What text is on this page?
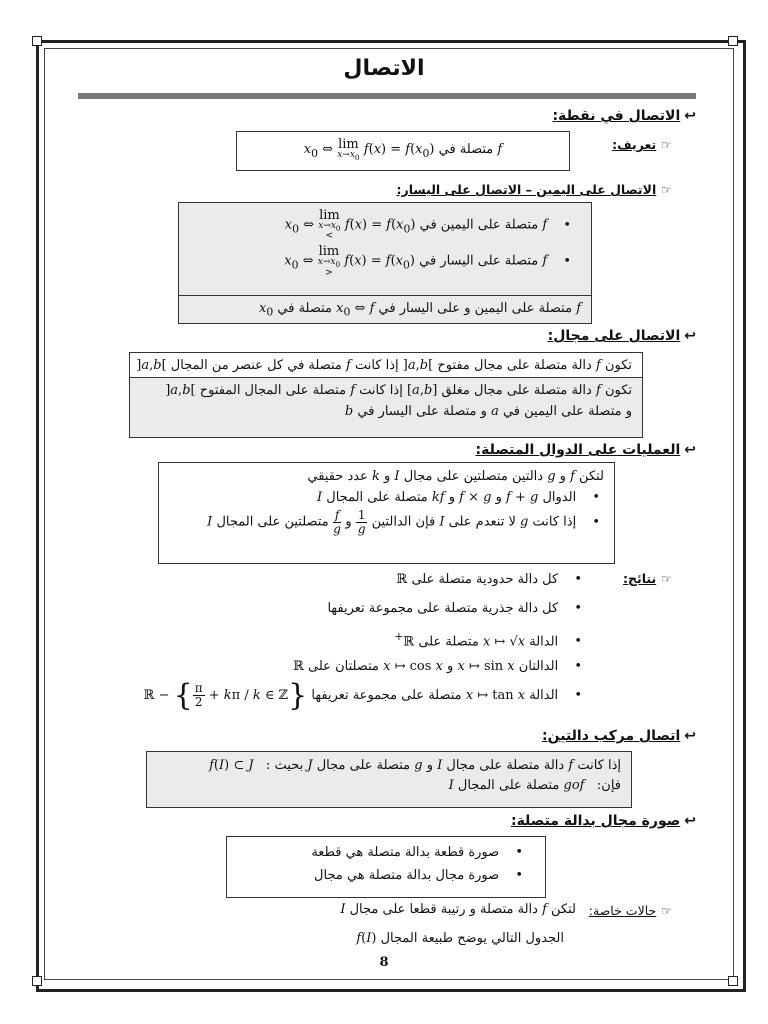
الاتصال
↩الاتصال في نقطة:
☞تعريف:
f متصلة في $x_0$ ⇔ lim
$x\to x_0$
$f(x) = f(x_0)$
☞الاتصال على اليمين – الاتصال على اليسار:
• f متصلة على اليمين في $x_0$ ⇔
lim
$x\to x_0$
>
$f(x) = f(x_0)$
• f متصلة على اليسار في $x_0$ ⇔
lim
$x\to x_0$
<
$f(x) = f(x_0)$
f متصلة على اليمين و على اليسار في $x_0$ ⇔ f متصلة في $x_0$
↩الاتصال على مجال:
تكون f دالة متصلة على مجال مفتوح ]a,b[ إذا كانت f متصلة في كل عنصر من المجال ]a,b[
تكون f دالة متصلة على مجال مغلق [a,b] إذا كانت f متصلة على المجال المفتوح ]a,b[
و متصلة على اليمين في a و متصلة على اليسار في b
↩العمليات على الدوال المتصلة:
لتكن f و g دالتين متصلتين على مجال I و k عدد حقيقي
• الدوال f + g و f × g و kf متصلة على المجال I
• إذا كانت g لا تنعدم على I فإن الدالتين
$\frac{1}{g}$
و
$\frac{f}{g}$
متصلتين على المجال I
☞نتائج:
• كل دالة حدودية متصلة على ℝ
• كل دالة جذرية متصلة على مجموعة تعريفها
• الدالة x ↦ √x متصلة على ℝ+
• الدالتان x ↦ sin x و x ↦ cos x متصلتان على ℝ
• الدالة x ↦ tan x متصلة على مجموعة تعريفها ℝ − { $\frac{\pi}{2} + k\pi / k$ ∈ ℤ}
↩اتصال مركب دالتين:
إذا كانت f دالة متصلة على مجال I و g متصلة على مجال J بحيث :   f(I) ⊂ J
فإن:   gof متصلة على المجال I
↩صورة مجال بدالة متصلة:
• صورة قطعة بدالة متصلة هي قطعة
• صورة مجال بدالة متصلة هي مجال
☞حالات خاصة:
لتكن f دالة متصلة و رتيبة قطعا على مجال I
الجدول التالي يوضح طبيعة المجال f(I)
8
